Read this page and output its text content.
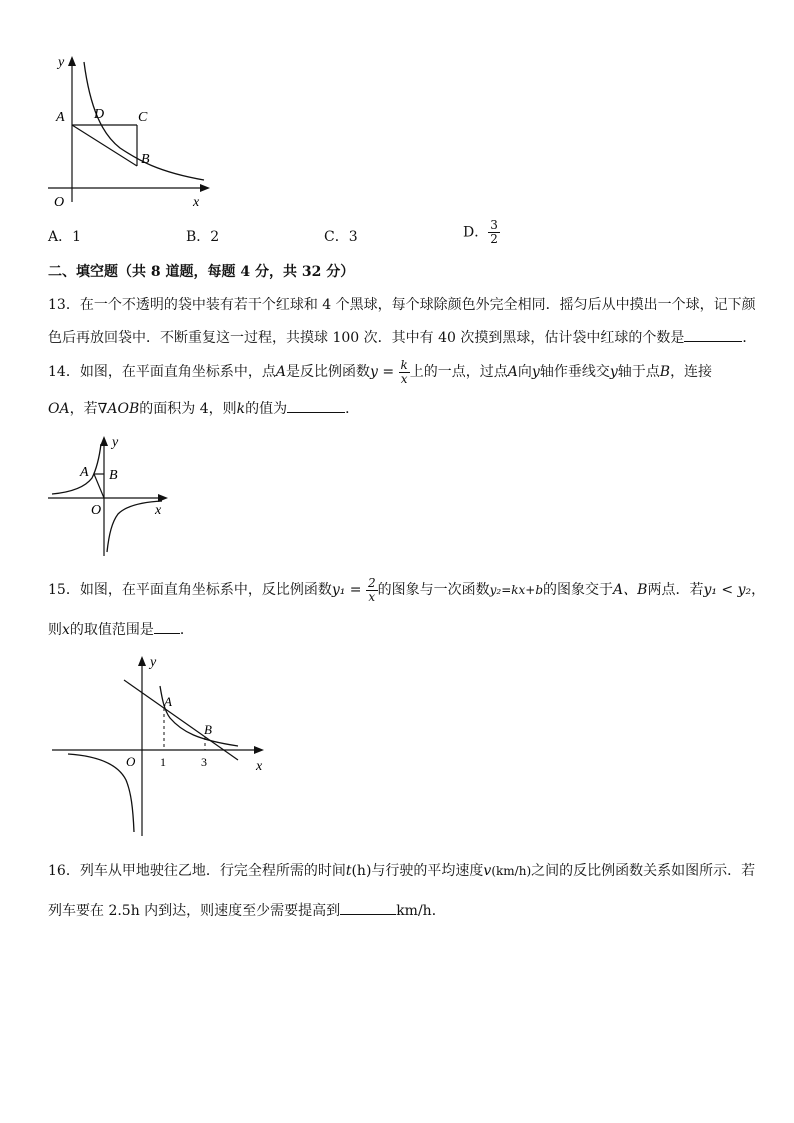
y
x
O
A D C
B
A．1	B．2	C．3	D． $\frac{3}{2}$
二、填空题（共 8 道题，每题 4 分，共 32 分）
13．在一个不透明的袋中装有若干个红球和 4 个黑球，每个球除颜色外完全相同．摇匀后从中摸出一个球，记下颜
色后再放回袋中．不断重复这一过程，共摸球 100 次．其中有 40 次摸到黑球，估计袋中红球的个数是	．
14．如图，在平面直角坐标系中，点A是反比例函数$y = \frac{k}{x}$ 上的一点，过点A向y轴作垂线交y轴于点B，连接
OA，若∇AOB的面积为 4，则k的值为	．
y
A B
O	x
15．如图，在平面直角坐标系中，反比例函数$y_1 = \frac{2}{x}$ 的图象与一次函数y₂=kx+b的图象交于A、B两点．若y₁ < y₂，
则x的取值范围是 ．
y
x
O
A
B
1	3
16．列车从甲地驶往乙地．行完全程所需的时间t(h)与行驶的平均速度v(km/h)之间的反比例函数关系如图所示．若
列车要在 2.5h 内到达，则速度至少需要提高到	km/h．
